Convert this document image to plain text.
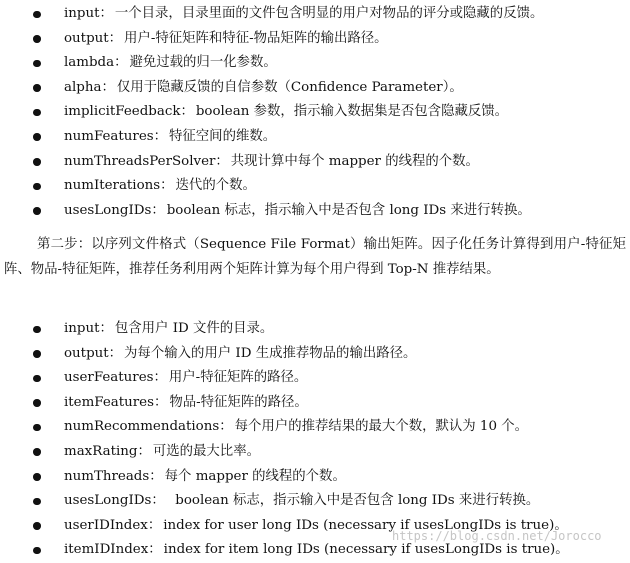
input： 一个目录，目录里面的文件包含明显的用户对物品的评分或隐藏的反馈。
output： 用户-特征矩阵和特征-物品矩阵的输出路径。
lambda： 避免过载的归一化参数。
alpha： 仅用于隐藏反馈的自信参数（Confidence Parameter）。
implicitFeedback： boolean 参数，指示输入数据集是否包含隐藏反馈。
numFeatures： 特征空间的维数。
numThreadsPerSolver： 共现计算中每个 mapper 的线程的个数。
numIterations： 迭代的个数。
usesLongIDs： boolean 标志，指示输入中是否包含 long IDs 来进行转换。

第二步：以序列文件格式（Sequence File Format）输出矩阵。因子化任务计算得到用户-特征矩阵、物品-特征矩阵，推荐任务利用两个矩阵计算为每个用户得到 Top-N 推荐结果。

input： 包含用户 ID 文件的目录。
output： 为每个输入的用户 ID 生成推荐物品的输出路径。
userFeatures： 用户-特征矩阵的路径。
itemFeatures： 物品-特征矩阵的路径。
numRecommendations： 每个用户的推荐结果的最大个数，默认为 10 个。
maxRating： 可选的最大比率。
numThreads： 每个 mapper 的线程的个数。
usesLongIDs：  boolean 标志，指示输入中是否包含 long IDs 来进行转换。
userIDIndex： index for user long IDs (necessary if usesLongIDs is true)。
itemIDIndex： index for item long IDs (necessary if usesLongIDs is true)。
https://blog.csdn.net/Jorocco
